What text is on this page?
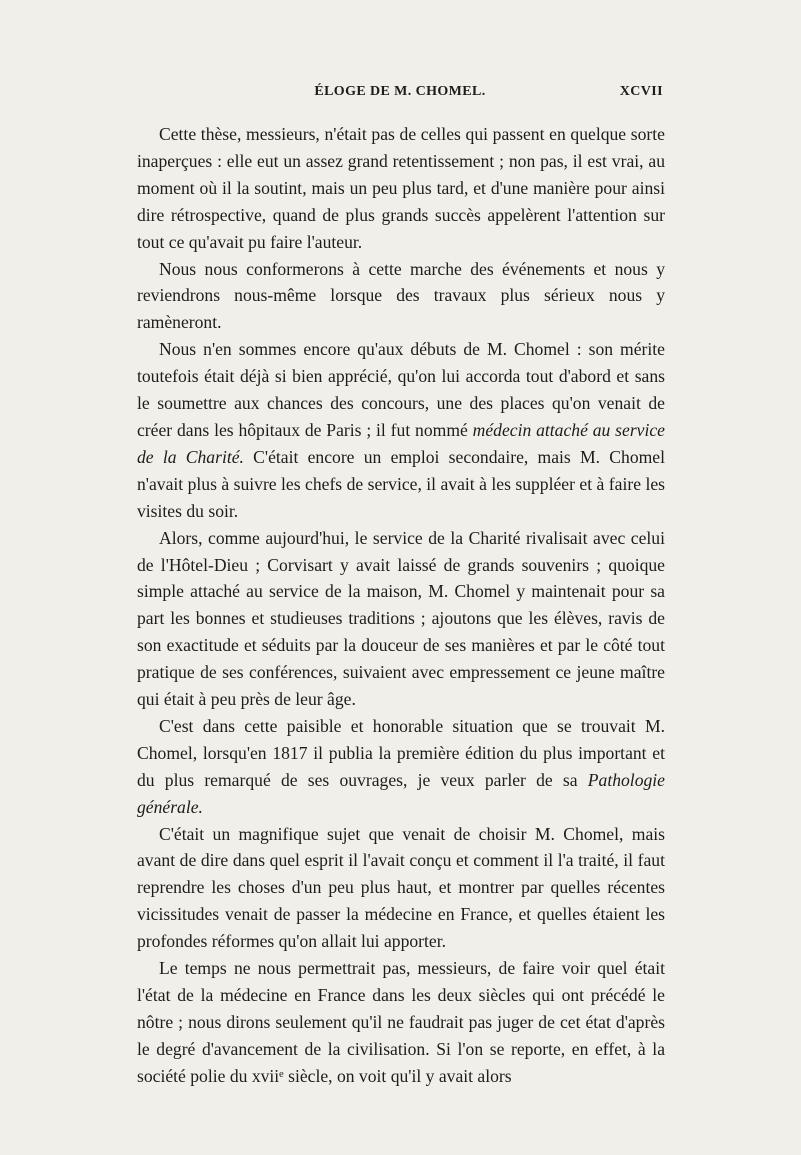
ÉLOGE DE M. CHOMEL.	XCVII

Cette thèse, messieurs, n'était pas de celles qui passent en quelque sorte inaperçues : elle eut un assez grand retentissement ; non pas, il est vrai, au moment où il la soutint, mais un peu plus tard, et d'une manière pour ainsi dire rétrospective, quand de plus grands succès appelèrent l'attention sur tout ce qu'avait pu faire l'auteur.

Nous nous conformerons à cette marche des événements et nous y reviendrons nous-même lorsque des travaux plus sérieux nous y ramèneront.

Nous n'en sommes encore qu'aux débuts de M. Chomel : son mérite toutefois était déjà si bien apprécié, qu'on lui accorda tout d'abord et sans le soumettre aux chances des concours, une des places qu'on venait de créer dans les hôpitaux de Paris ; il fut nommé médecin attaché au service de la Charité. C'était encore un emploi secondaire, mais M. Chomel n'avait plus à suivre les chefs de service, il avait à les suppléer et à faire les visites du soir.

Alors, comme aujourd'hui, le service de la Charité rivalisait avec celui de l'Hôtel-Dieu ; Corvisart y avait laissé de grands souvenirs ; quoique simple attaché au service de la maison, M. Chomel y maintenait pour sa part les bonnes et studieuses traditions ; ajoutons que les élèves, ravis de son exactitude et séduits par la douceur de ses manières et par le côté tout pratique de ses conférences, suivaient avec empressement ce jeune maître qui était à peu près de leur âge.

C'est dans cette paisible et honorable situation que se trouvait M. Chomel, lorsqu'en 1817 il publia la première édition du plus important et du plus remarqué de ses ouvrages, je veux parler de sa Pathologie générale.

C'était un magnifique sujet que venait de choisir M. Chomel, mais avant de dire dans quel esprit il l'avait conçu et comment il l'a traité, il faut reprendre les choses d'un peu plus haut, et montrer par quelles récentes vicissitudes venait de passer la médecine en France, et quelles étaient les profondes réformes qu'on allait lui apporter.

Le temps ne nous permettrait pas, messieurs, de faire voir quel était l'état de la médecine en France dans les deux siècles qui ont précédé le nôtre ; nous dirons seulement qu'il ne faudrait pas juger de cet état d'après le degré d'avancement de la civilisation. Si l'on se reporte, en effet, à la société polie du xviiᵉ siècle, on voit qu'il y avait alors
